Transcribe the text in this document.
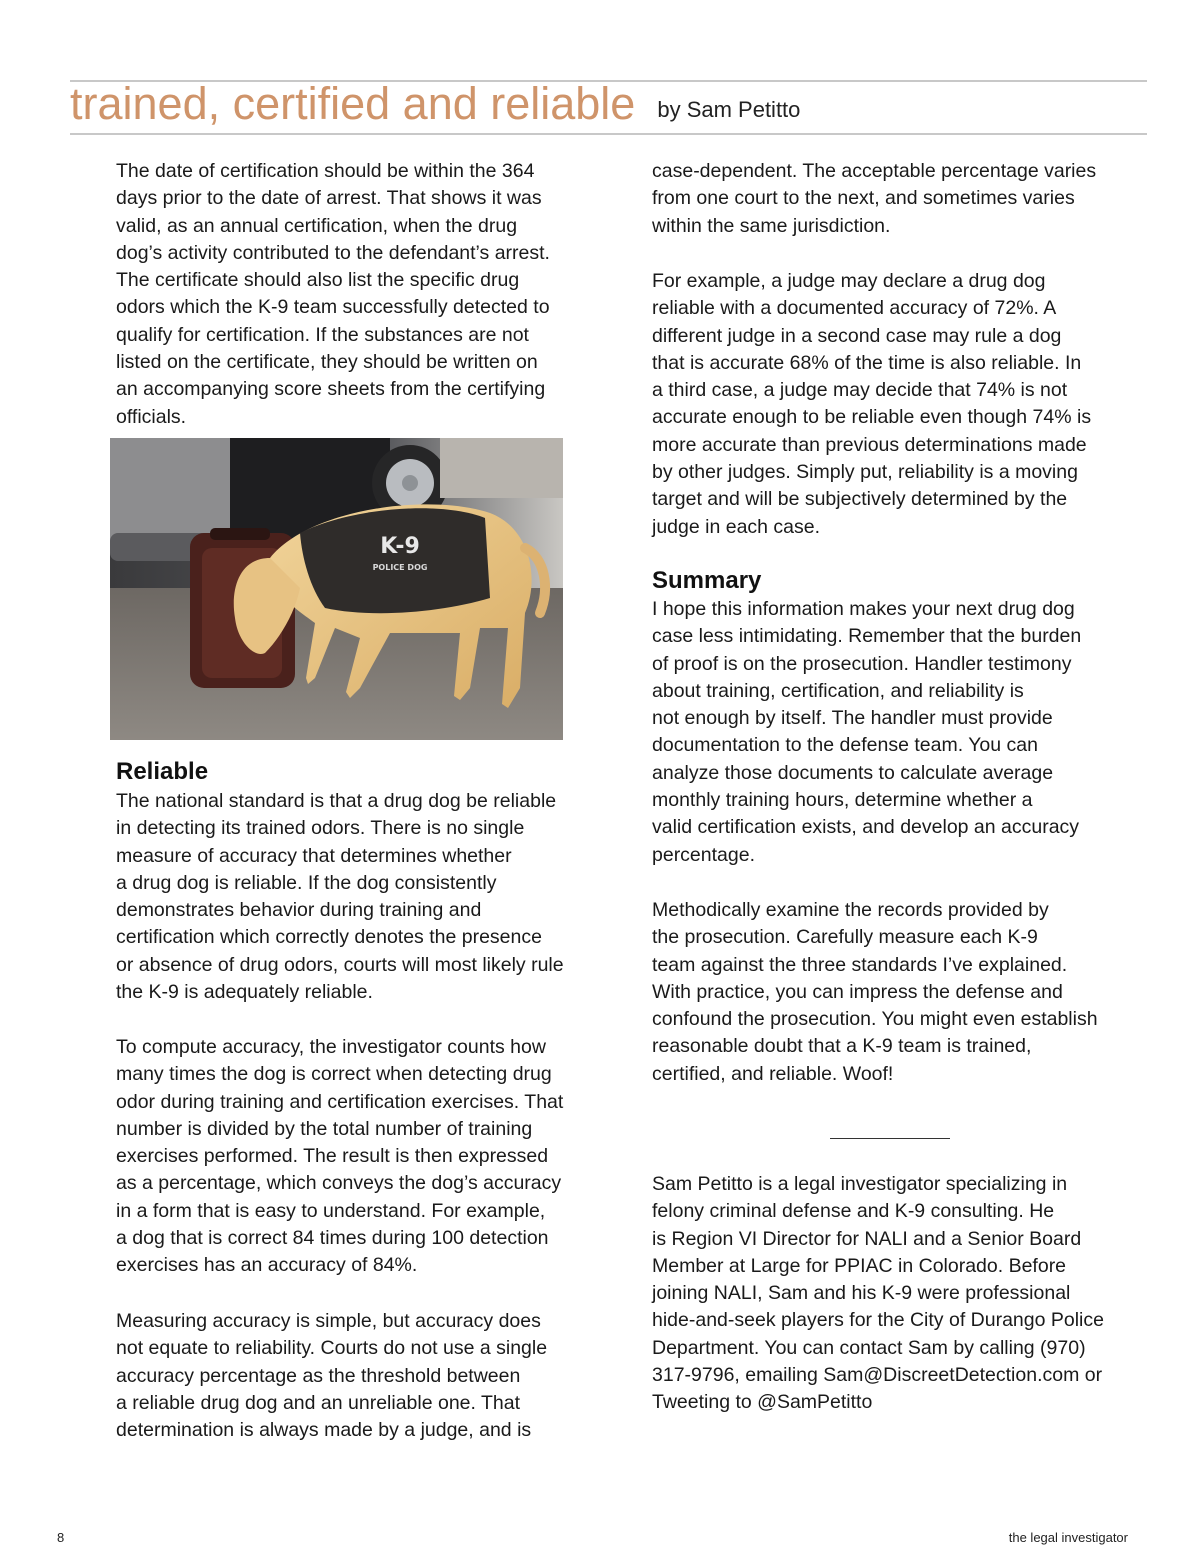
trained, certified and reliable by Sam Petitto
The date of certification should be within the 364
days prior to the date of arrest. That shows it was
valid, as an annual certification, when the drug
dog’s activity contributed to the defendant’s arrest.
The certificate should also list the specific drug
odors which the K-9 team successfully detected to
qualify for certification. If the substances are not
listed on the certificate, they should be written on
an accompanying score sheets from the certifying
officials.
K-9
POLICE DOG
Reliable
The national standard is that a drug dog be reliable
in detecting its trained odors. There is no single
measure of accuracy that determines whether
a drug dog is reliable. If the dog consistently
demonstrates behavior during training and
certification which correctly denotes the presence
or absence of drug odors, courts will most likely rule
the K-9 is adequately reliable.
To compute accuracy, the investigator counts how
many times the dog is correct when detecting drug
odor during training and certification exercises. That
number is divided by the total number of training
exercises performed. The result is then expressed
as a percentage, which conveys the dog’s accuracy
in a form that is easy to understand. For example,
a dog that is correct 84 times during 100 detection
exercises has an accuracy of 84%.
Measuring accuracy is simple, but accuracy does
not equate to reliability. Courts do not use a single
accuracy percentage as the threshold between
a reliable drug dog and an unreliable one. That
determination is always made by a judge, and is
case-dependent. The acceptable percentage varies
from one court to the next, and sometimes varies
within the same jurisdiction.
For example, a judge may declare a drug dog
reliable with a documented accuracy of 72%. A
different judge in a second case may rule a dog
that is accurate 68% of the time is also reliable. In
a third case, a judge may decide that 74% is not
accurate enough to be reliable even though 74% is
more accurate than previous determinations made
by other judges. Simply put, reliability is a moving
target and will be subjectively determined by the
judge in each case.
Summary
I hope this information makes your next drug dog
case less intimidating. Remember that the burden
of proof is on the prosecution. Handler testimony
about training, certification, and reliability is
not enough by itself. The handler must provide
documentation to the defense team. You can
analyze those documents to calculate average
monthly training hours, determine whether a
valid certification exists, and develop an accuracy
percentage.
Methodically examine the records provided by
the prosecution. Carefully measure each K-9
team against the three standards I’ve explained.
With practice, you can impress the defense and
confound the prosecution. You might even establish
reasonable doubt that a K-9 team is trained,
certified, and reliable. Woof!
Sam Petitto is a legal investigator specializing in
felony criminal defense and K-9 consulting. He
is Region VI Director for NALI and a Senior Board
Member at Large for PPIAC in Colorado. Before
joining NALI, Sam and his K-9 were professional
hide-and-seek players for the City of Durango Police
Department. You can contact Sam by calling (970)
317-9796, emailing Sam@DiscreetDetection.com or
Tweeting to @SamPetitto
8	the legal investigator
